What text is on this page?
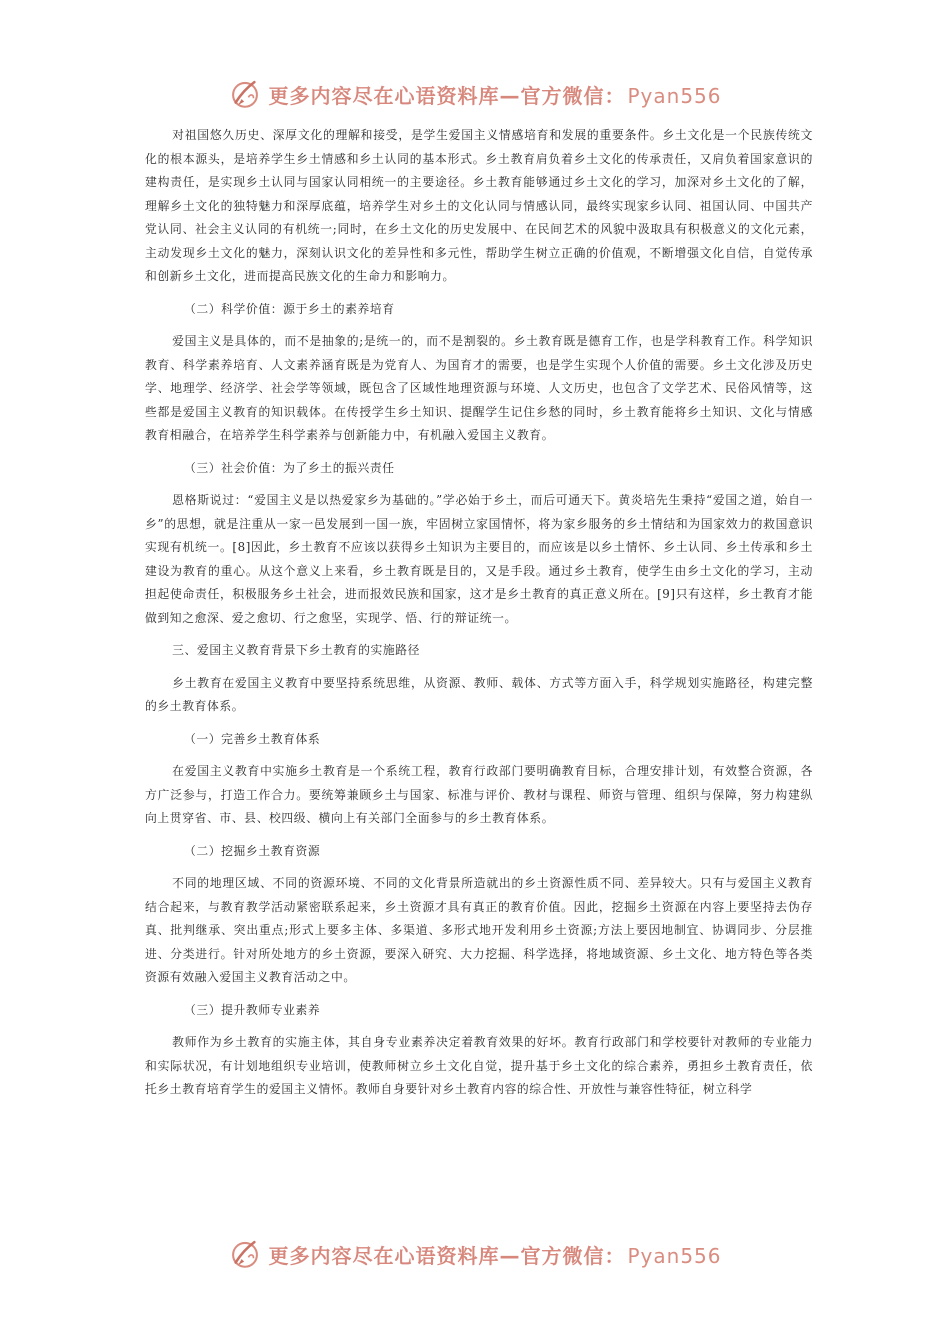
更多内容尽在心语资料库—官方微信： Pyan556

对祖国悠久历史、深厚文化的理解和接受，是学生爱国主义情感培育和发展的重要条件。乡土文化是一个民族传统文化的根本源头，是培养学生乡土情感和乡土认同的基本形式。乡土教育肩负着乡土文化的传承责任，又肩负着国家意识的建构责任，是实现乡土认同与国家认同相统一的主要途径。乡土教育能够通过乡土文化的学习，加深对乡土文化的了解，理解乡土文化的独特魅力和深厚底蕴，培养学生对乡土的文化认同与情感认同，最终实现家乡认同、祖国认同、中国共产党认同、社会主义认同的有机统一;同时，在乡土文化的历史发展中、在民间艺术的风貌中汲取具有积极意义的文化元素，主动发现乡土文化的魅力，深刻认识文化的差异性和多元性，帮助学生树立正确的价值观，不断增强文化自信，自觉传承和创新乡土文化，进而提高民族文化的生命力和影响力。

（二）科学价值：源于乡土的素养培育

爱国主义是具体的，而不是抽象的;是统一的，而不是割裂的。乡土教育既是德育工作，也是学科教育工作。科学知识教育、科学素养培育、人文素养涵育既是为党育人、为国育才的需要，也是学生实现个人价值的需要。乡土文化涉及历史学、地理学、经济学、社会学等领域，既包含了区域性地理资源与环境、人文历史，也包含了文学艺术、民俗风情等，这些都是爱国主义教育的知识载体。在传授学生乡土知识、提醒学生记住乡愁的同时，乡土教育能将乡土知识、文化与情感教育相融合，在培养学生科学素养与创新能力中，有机融入爱国主义教育。

（三）社会价值：为了乡土的振兴责任

恩格斯说过：“爱国主义是以热爱家乡为基础的。”学必始于乡土，而后可通天下。黄炎培先生秉持“爱国之道，始自一乡”的思想，就是注重从一家一邑发展到一国一族，牢固树立家国情怀，将为家乡服务的乡土情结和为国家效力的救国意识实现有机统一。[8]因此，乡土教育不应该以获得乡土知识为主要目的，而应该是以乡土情怀、乡土认同、乡土传承和乡土建设为教育的重心。从这个意义上来看，乡土教育既是目的，又是手段。通过乡土教育，使学生由乡土文化的学习，主动担起使命责任，积极服务乡土社会，进而报效民族和国家，这才是乡土教育的真正意义所在。[9]只有这样，乡土教育才能做到知之愈深、爱之愈切、行之愈坚，实现学、悟、行的辩证统一。

三、爱国主义教育背景下乡土教育的实施路径

乡土教育在爱国主义教育中要坚持系统思维，从资源、教师、载体、方式等方面入手，科学规划实施路径，构建完整的乡土教育体系。

（一）完善乡土教育体系

在爱国主义教育中实施乡土教育是一个系统工程，教育行政部门要明确教育目标，合理安排计划，有效整合资源，各方广泛参与，打造工作合力。要统筹兼顾乡土与国家、标准与评价、教材与课程、师资与管理、组织与保障，努力构建纵向上贯穿省、市、县、校四级、横向上有关部门全面参与的乡土教育体系。

（二）挖掘乡土教育资源

不同的地理区域、不同的资源环境、不同的文化背景所造就出的乡土资源性质不同、差异较大。只有与爱国主义教育结合起来，与教育教学活动紧密联系起来，乡土资源才具有真正的教育价值。因此，挖掘乡土资源在内容上要坚持去伪存真、批判继承、突出重点;形式上要多主体、多渠道、多形式地开发利用乡土资源;方法上要因地制宜、协调同步、分层推进、分类进行。针对所处地方的乡土资源，要深入研究、大力挖掘、科学选择，将地域资源、乡土文化、地方特色等各类资源有效融入爱国主义教育活动之中。

（三）提升教师专业素养

教师作为乡土教育的实施主体，其自身专业素养决定着教育效果的好坏。教育行政部门和学校要针对教师的专业能力和实际状况，有计划地组织专业培训，使教师树立乡土文化自觉，提升基于乡土文化的综合素养，勇担乡土教育责任，依托乡土教育培育学生的爱国主义情怀。教师自身要针对乡土教育内容的综合性、开放性与兼容性特征，树立科学

更多内容尽在心语资料库—官方微信： Pyan556
